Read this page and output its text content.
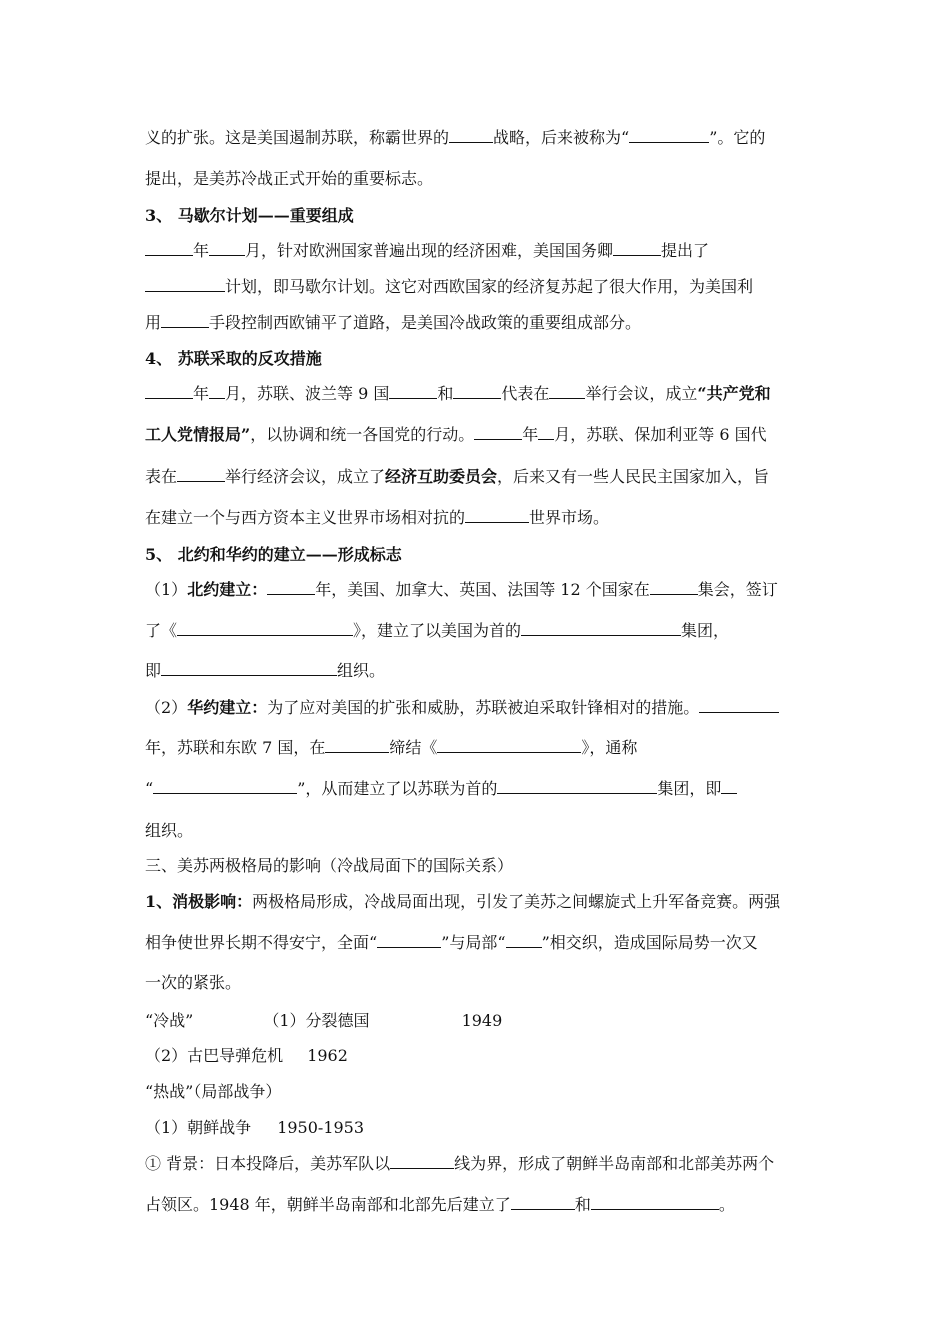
义的扩张。这是美国遏制苏联，称霸世界的	战略，后来被称为“	”。它的
提出，是美苏冷战正式开始的重要标志。
3、 马歇尔计划——重要组成
年 月，针对欧洲国家普遍出现的经济困难，美国国务卿	提出了
计划，即马歇尔计划。这它对西欧国家的经济复苏起了很大作用，为美国利
用	手段控制西欧铺平了道路，是美国冷战政策的重要组成部分。
4、 苏联采取的反攻措施
年 月，苏联、波兰等 9 国	和	代表在 举行会议，成立“共产党和
工人党情报局”，以协调和统一各国党的行动。	年 月，苏联、保加利亚等 6 国代
表在	举行经济会议，成立了经济互助委员会，后来又有一些人民民主国家加入，旨
在建立一个与西方资本主义世界市场相对抗的	世界市场。
5、 北约和华约的建立——形成标志
（1）北约建立：	年，美国、加拿大、英国、法国等 12 个国家在	集会，签订
了《	》，建立了以美国为首的	集团，
即	组织。
（2）华约建立：为了应对美国的扩张和威胁，苏联被迫采取针锋相对的措施。
年，苏联和东欧 7 国，在	缔结《	》，通称
“	”，从而建立了以苏联为首的	集团，即
组织。
三、美苏两极格局的影响（冷战局面下的国际关系）
1、消极影响：两极格局形成，冷战局面出现，引发了美苏之间螺旋式上升军备竞赛。两强
相争使世界长期不得安宁，全面“	”与局部“ ”相交织，造成国际局势一次又
一次的紧张。
“冷战”	（1）分裂德国	1949
（2）古巴导弹危机 1962
“热战”（局部战争）
（1）朝鲜战争 1950-1953
① 背景：日本投降后，美苏军队以	线为界，形成了朝鲜半岛南部和北部美苏两个
占领区。1948 年，朝鲜半岛南部和北部先后建立了	和	。
